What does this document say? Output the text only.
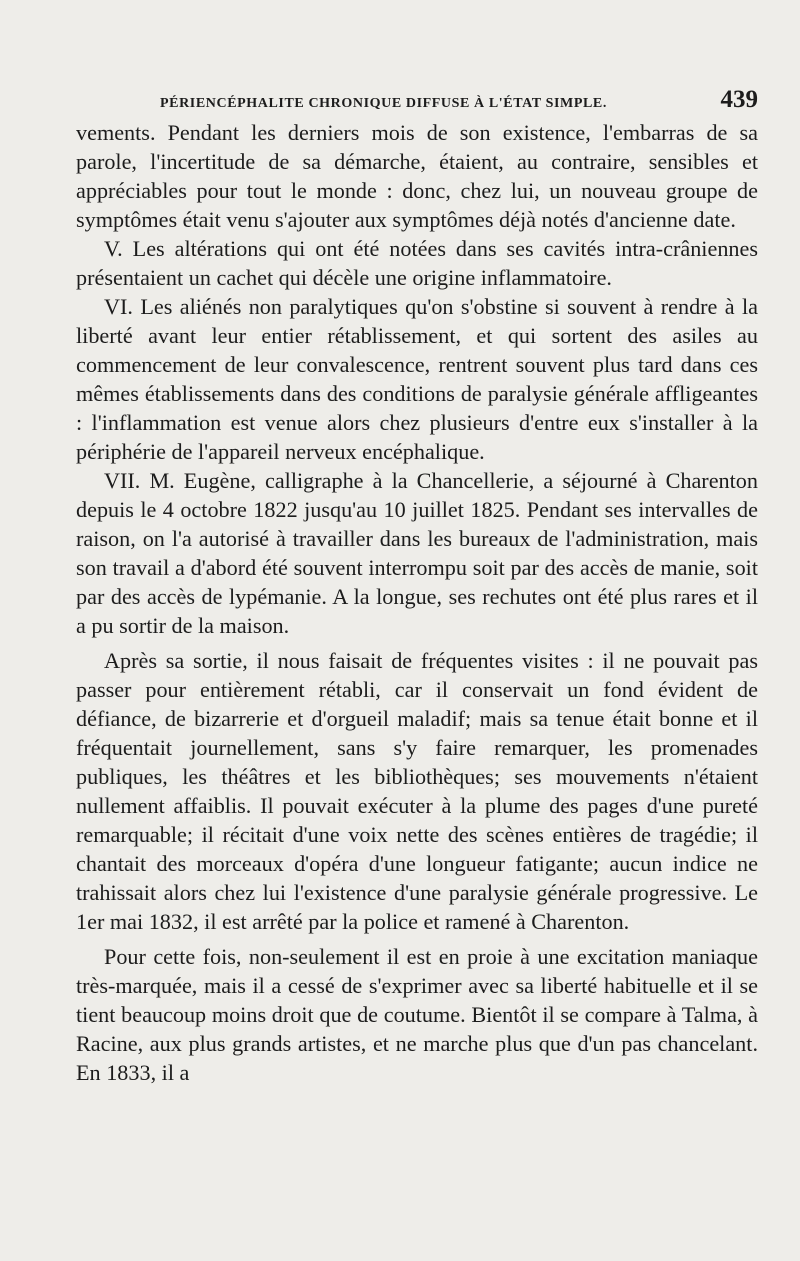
PÉRIENCÉPHALITE CHRONIQUE DIFFUSE À L'ÉTAT SIMPLE.	439

vements. Pendant les derniers mois de son existence, l'embarras de sa parole, l'incertitude de sa démarche, étaient, au contraire, sensibles et appréciables pour tout le monde : donc, chez lui, un nouveau groupe de symptômes était venu s'ajouter aux symptômes déjà notés d'ancienne date.

V. Les altérations qui ont été notées dans ses cavités intra-crâniennes présentaient un cachet qui décèle une origine inflammatoire.

VI. Les aliénés non paralytiques qu'on s'obstine si souvent à rendre à la liberté avant leur entier rétablissement, et qui sortent des asiles au commencement de leur convalescence, rentrent souvent plus tard dans ces mêmes établissements dans des conditions de paralysie générale affligeantes : l'inflammation est venue alors chez plusieurs d'entre eux s'installer à la périphérie de l'appareil nerveux encéphalique.

VII. M. Eugène, calligraphe à la Chancellerie, a séjourné à Charenton depuis le 4 octobre 1822 jusqu'au 10 juillet 1825. Pendant ses intervalles de raison, on l'a autorisé à travailler dans les bureaux de l'administration, mais son travail a d'abord été souvent interrompu soit par des accès de manie, soit par des accès de lypémanie. A la longue, ses rechutes ont été plus rares et il a pu sortir de la maison.

Après sa sortie, il nous faisait de fréquentes visites : il ne pouvait pas passer pour entièrement rétabli, car il conservait un fond évident de défiance, de bizarrerie et d'orgueil maladif; mais sa tenue était bonne et il fréquentait journellement, sans s'y faire remarquer, les promenades publiques, les théâtres et les bibliothèques; ses mouvements n'étaient nullement affaiblis. Il pouvait exécuter à la plume des pages d'une pureté remarquable; il récitait d'une voix nette des scènes entières de tragédie; il chantait des morceaux d'opéra d'une longueur fatigante; aucun indice ne trahissait alors chez lui l'existence d'une paralysie générale progressive. Le 1er mai 1832, il est arrêté par la police et ramené à Charenton.

Pour cette fois, non-seulement il est en proie à une excitation maniaque très-marquée, mais il a cessé de s'exprimer avec sa liberté habituelle et il se tient beaucoup moins droit que de coutume. Bientôt il se compare à Talma, à Racine, aux plus grands artistes, et ne marche plus que d'un pas chancelant. En 1833, il a
